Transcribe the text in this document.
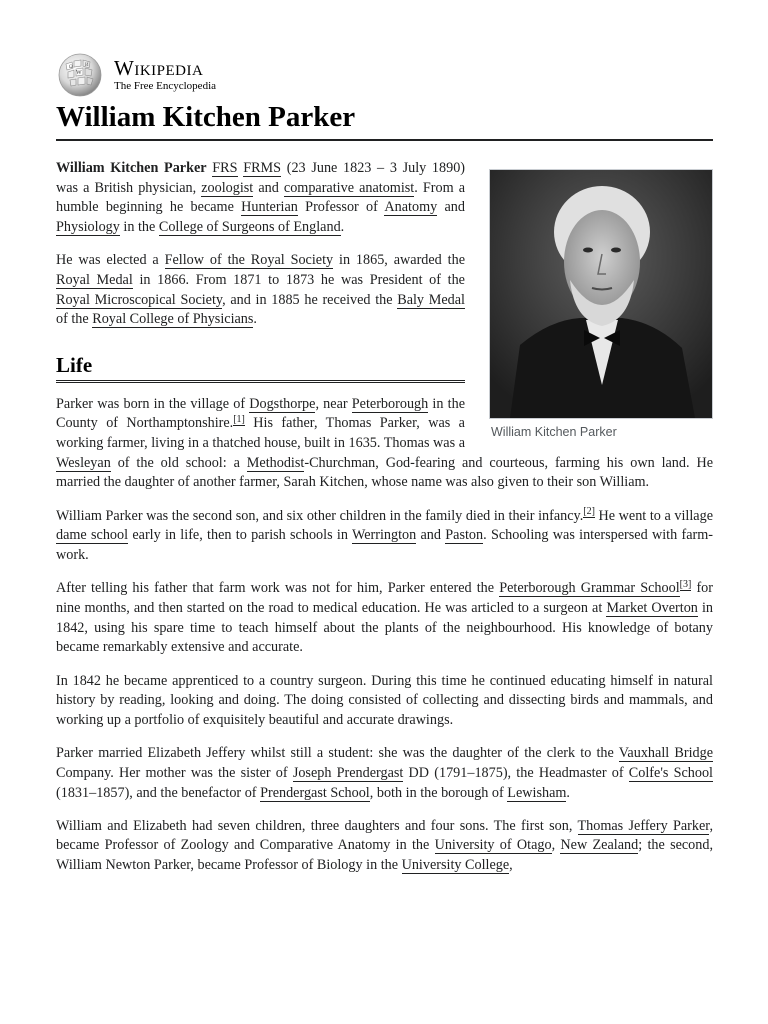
W
Ω И Wikipedia
The Free Encyclopedia
William Kitchen Parker
William Kitchen Parker

William Kitchen Parker FRS FRMS (23 June 1823 – 3 July 1890) was a British physician, zoologist and comparative anatomist. From a humble beginning he became Hunterian Professor of Anatomy and Physiology in the College of Surgeons of England.

He was elected a Fellow of the Royal Society in 1865, awarded the Royal Medal in 1866. From 1871 to 1873 he was President of the Royal Microscopical Society, and in 1885 he received the Baly Medal of the Royal College of Physicians.

Life

Parker was born in the village of Dogsthorpe, near Peterborough in the County of Northamptonshire.[1] His father, Thomas Parker, was a working farmer, living in a thatched house, built in 1635. Thomas was a Wesleyan of the old school: a Methodist-Churchman, God-fearing and courteous, farming his own land. He married the daughter of another farmer, Sarah Kitchen, whose name was also given to their son William.

William Parker was the second son, and six other children in the family died in their infancy.[2] He went to a village dame school early in life, then to parish schools in Werrington and Paston. Schooling was interspersed with farm-work.

After telling his father that farm work was not for him, Parker entered the Peterborough Grammar School[3] for nine months, and then started on the road to medical education. He was articled to a surgeon at Market Overton in 1842, using his spare time to teach himself about the plants of the neighbourhood. His knowledge of botany became remarkably extensive and accurate.

In 1842 he became apprenticed to a country surgeon. During this time he continued educating himself in natural history by reading, looking and doing. The doing consisted of collecting and dissecting birds and mammals, and working up a portfolio of exquisitely beautiful and accurate drawings.

Parker married Elizabeth Jeffery whilst still a student: she was the daughter of the clerk to the Vauxhall Bridge Company. Her mother was the sister of Joseph Prendergast DD (1791–1875), the Headmaster of Colfe's School (1831–1857), and the benefactor of Prendergast School, both in the borough of Lewisham.

William and Elizabeth had seven children, three daughters and four sons. The first son, Thomas Jeffery Parker, became Professor of Zoology and Comparative Anatomy in the University of Otago, New Zealand; the second, William Newton Parker, became Professor of Biology in the University College,
